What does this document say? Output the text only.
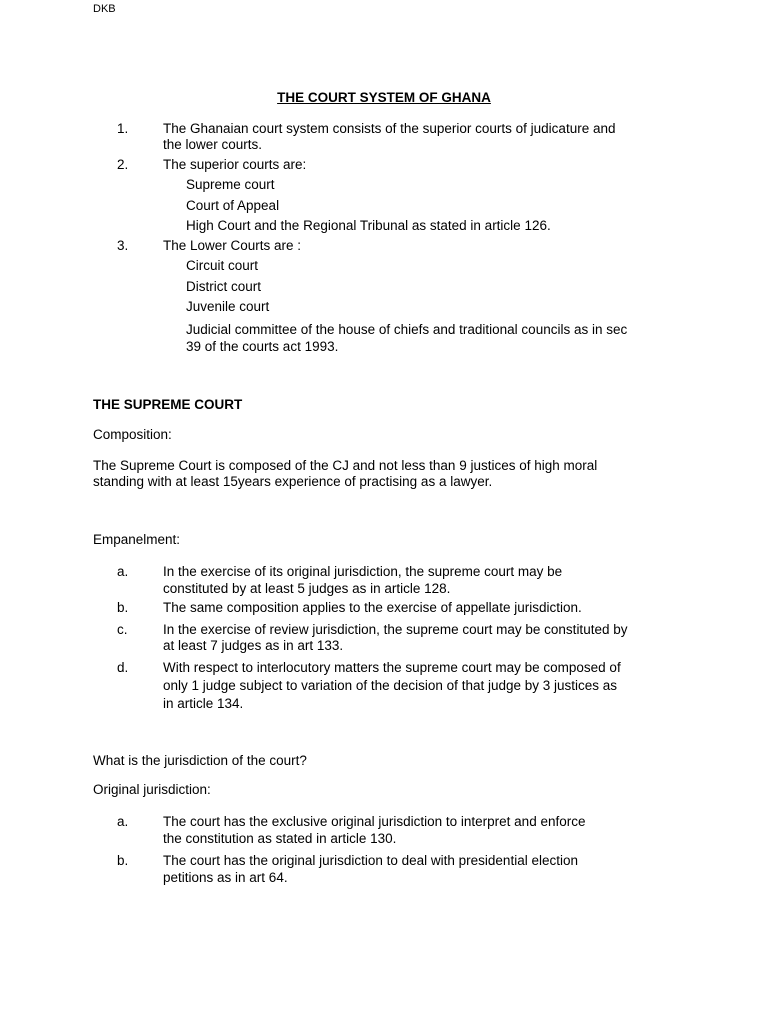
DKB
THE COURT SYSTEM OF GHANA
1.	The Ghanaian court system consists of the superior courts of judicature and
the lower courts.
2.	The superior courts are:
Supreme court
Court of Appeal
High Court and the Regional Tribunal as stated in article 126.
3.	The Lower Courts are :
Circuit court
District court
Juvenile court
Judicial committee of the house of chiefs and traditional councils as in sec
39 of the courts act 1993.
THE SUPREME COURT
Composition:
The Supreme Court is composed of the CJ and not less than 9 justices of high moral
standing with at least 15years experience of practising as a lawyer.
Empanelment:
a.	In the exercise of its original jurisdiction, the supreme court may be
constituted by at least 5 judges as in article 128.
b.	The same composition applies to the exercise of appellate jurisdiction.
c.	In the exercise of review jurisdiction, the supreme court may be constituted by
at least 7 judges as in art 133.
d.	With respect to interlocutory matters the supreme court may be composed of
only 1 judge subject to variation of the decision of that judge by 3 justices as
in article 134.
What is the jurisdiction of the court?
Original jurisdiction:
a.	The court has the exclusive original jurisdiction to interpret and enforce
the constitution as stated in article 130.
b.	The court has the original jurisdiction to deal with presidential election
petitions as in art 64.
